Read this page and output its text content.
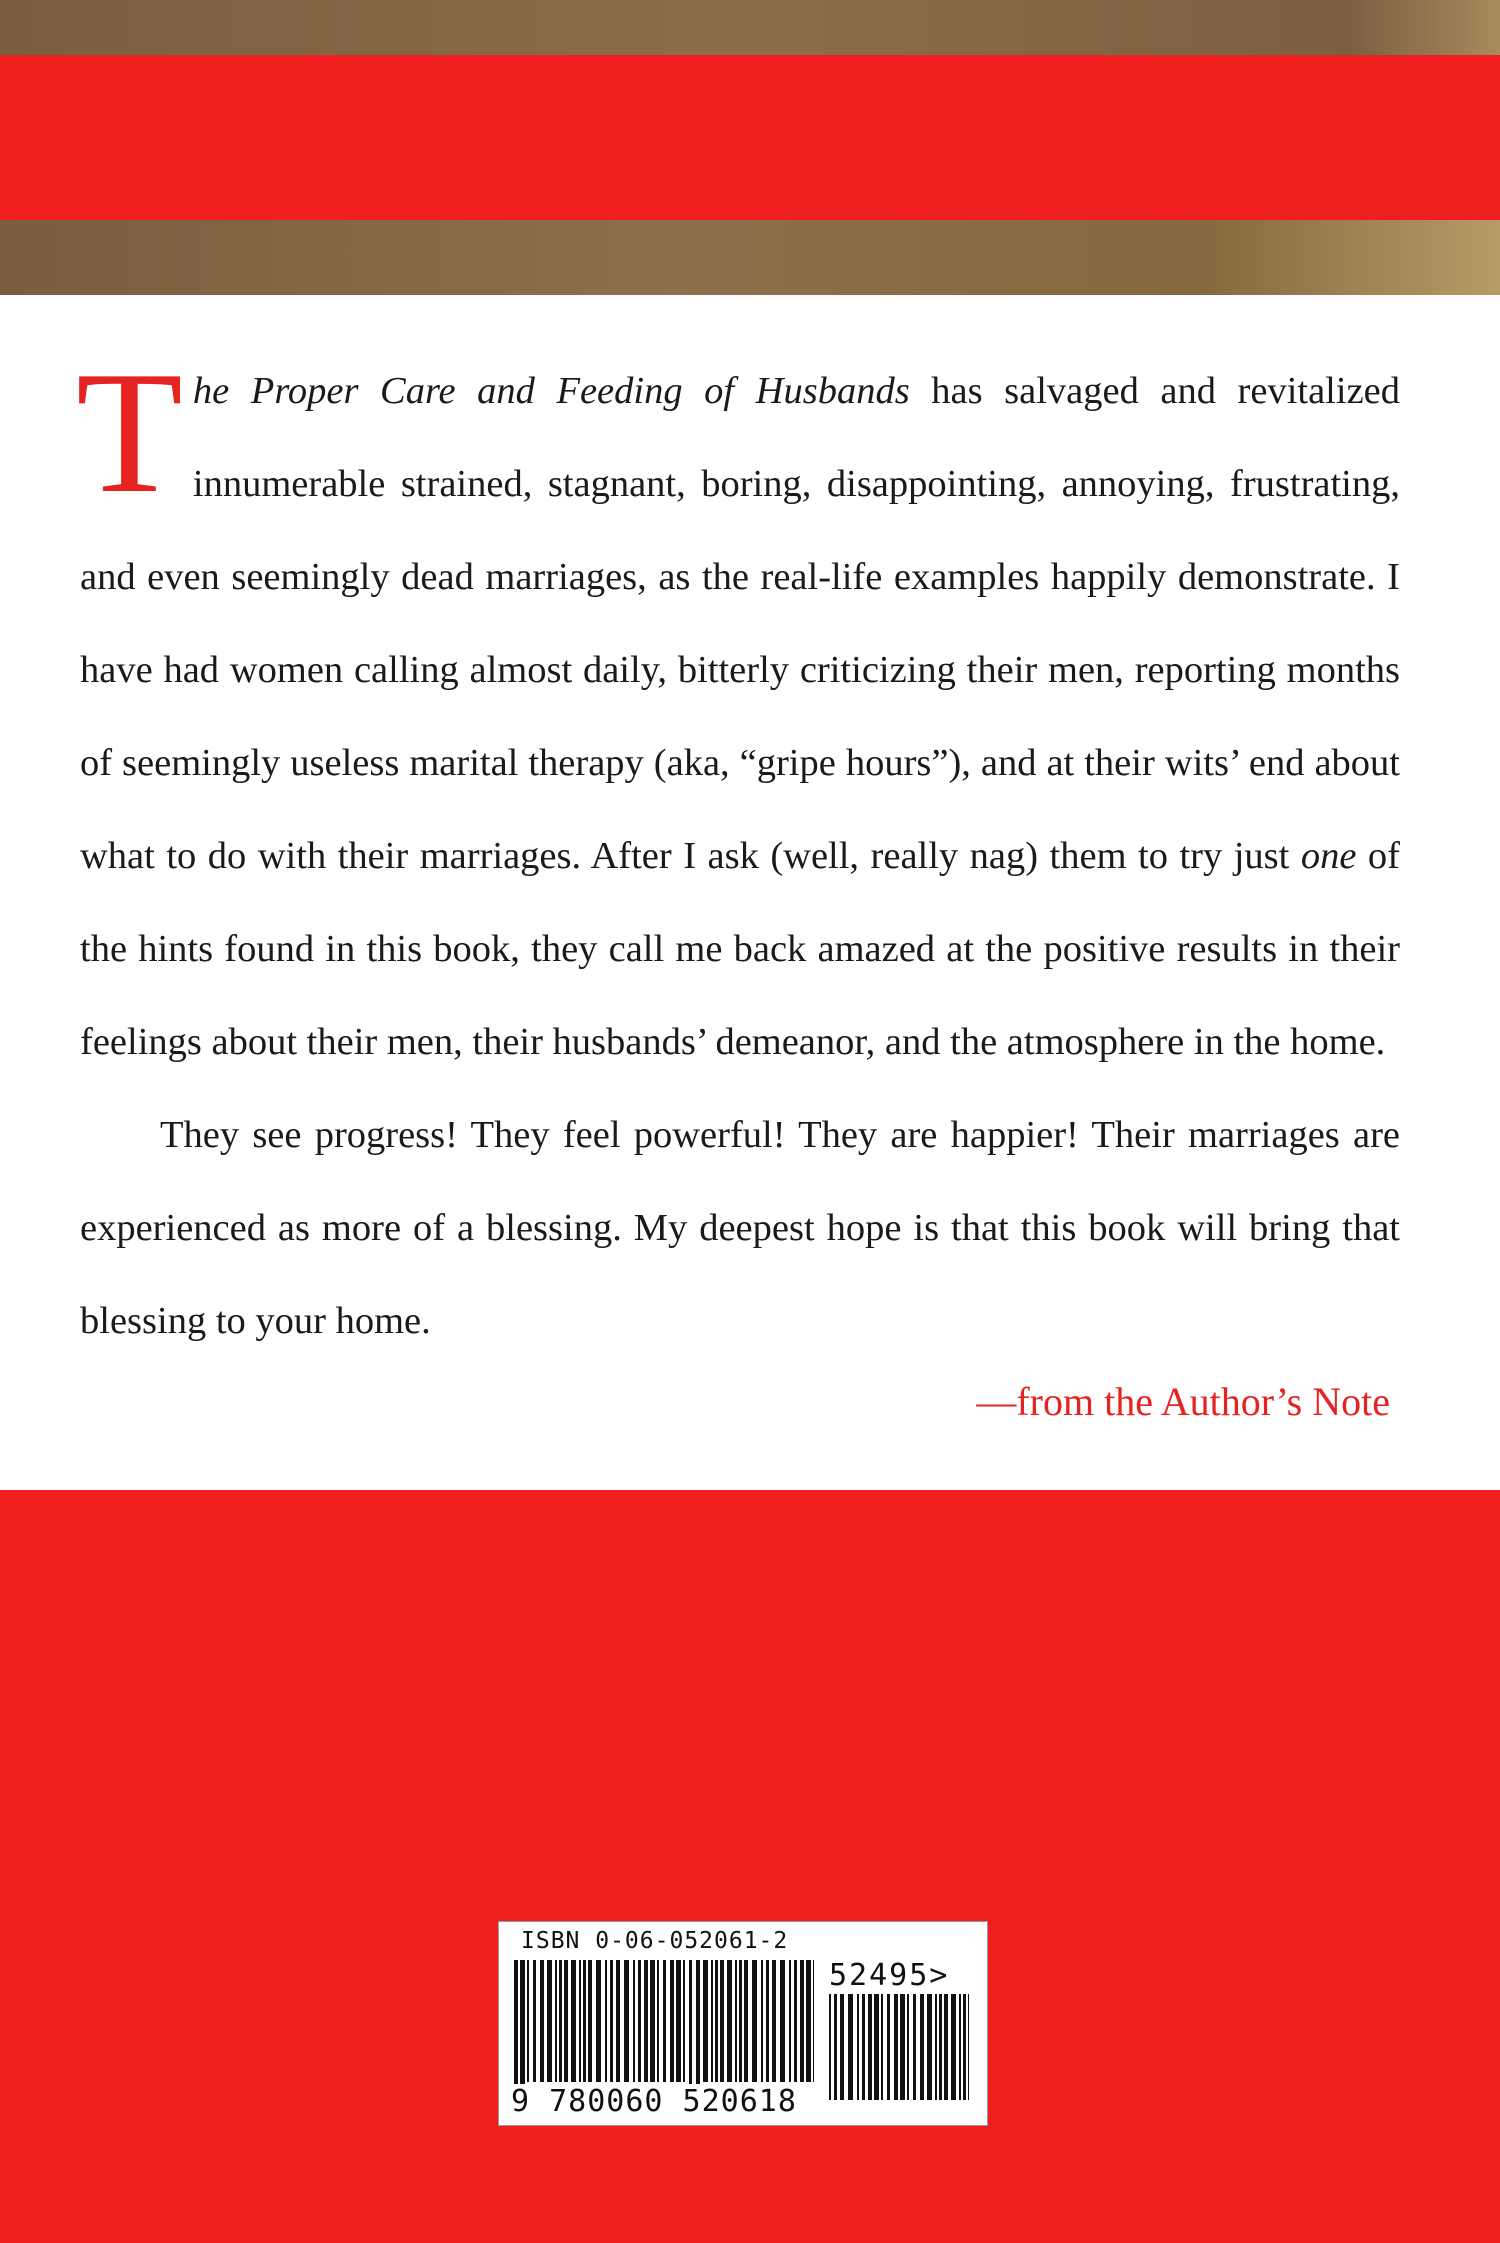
The Proper Care and Feeding of Husbands has salvaged and revitalized innumerable strained, stagnant, boring, disappointing, annoying, frustrating, and even seemingly dead marriages, as the real-life examples happily demonstrate. I have had women calling almost daily, bitterly criticizing their men, reporting months of seemingly useless marital therapy (aka, “gripe hours”), and at their wits’ end about what to do with their marriages. After I ask (well, really nag) them to try just one of the hints found in this book, they call me back amazed at the positive results in their feelings about their men, their husbands’ demeanor, and the atmosphere in the home.

They see progress! They feel powerful! They are happier! Their marriages are experienced as more of a blessing. My deepest hope is that this book will bring that blessing to your home.

—from the Author’s Note
ISBN 0-06-052061-2
52495>
9 780060 520618
